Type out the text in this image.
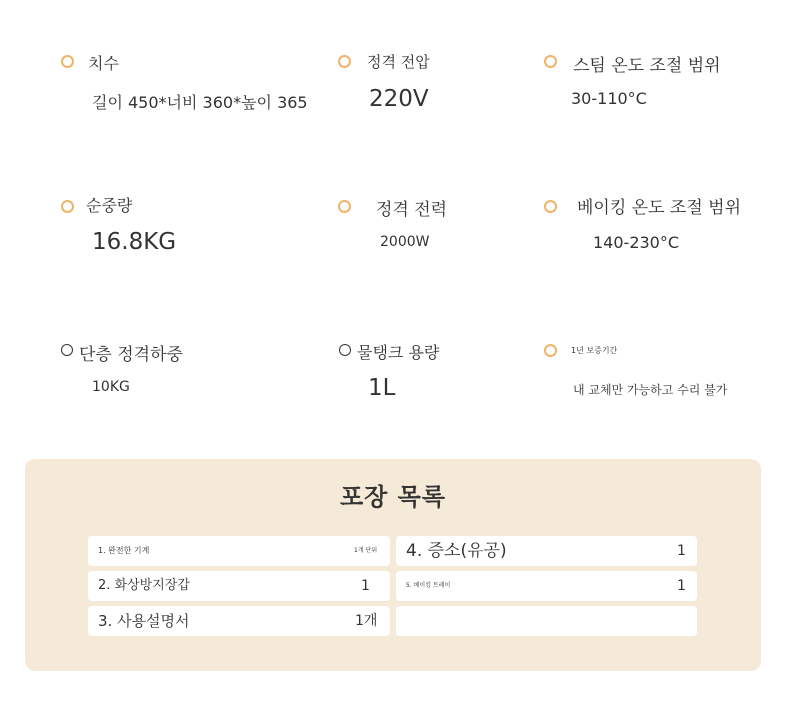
치수
길이 450*너비 360*높이 365
정격 전압
220V
스팀 온도 조절 범위
30-110°C
순중량
16.8KG
정격 전력
2000W
베이킹 온도 조절 범위
140-230°C
단층 정격하중
10KG
물탱크 용량
1L
1년 보증기간
내 교체만 가능하고 수리 불가
포장 목록
1. 완전한 기계	1개 단위 4. 증소(유공)	1
2. 화상방지장갑	1	5. 베이킹 트레이	1
3. 사용설명서	1개
